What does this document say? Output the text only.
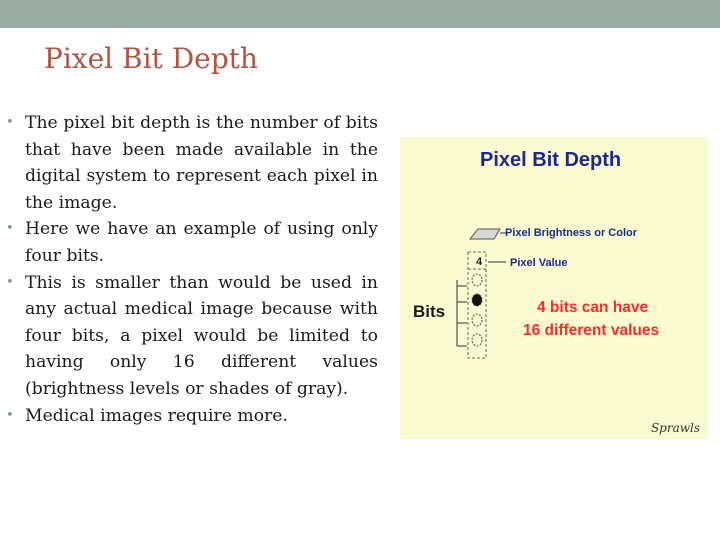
Pixel Bit Depth
• The pixel bit depth is the number of bits that have been made available in the digital system to represent each pixel in the image.
• Here we have an example of using only four bits.
• This is smaller than would be used in any actual medical image because with four bits, a pixel would be limited to having only 16 different values (brightness levels or shades of gray).
• Medical images require more.
Pixel Bit Depth
Pixel Brightness or Color
Pixel Value
4
Bits	4 bits can have
16 different values
Sprawls
